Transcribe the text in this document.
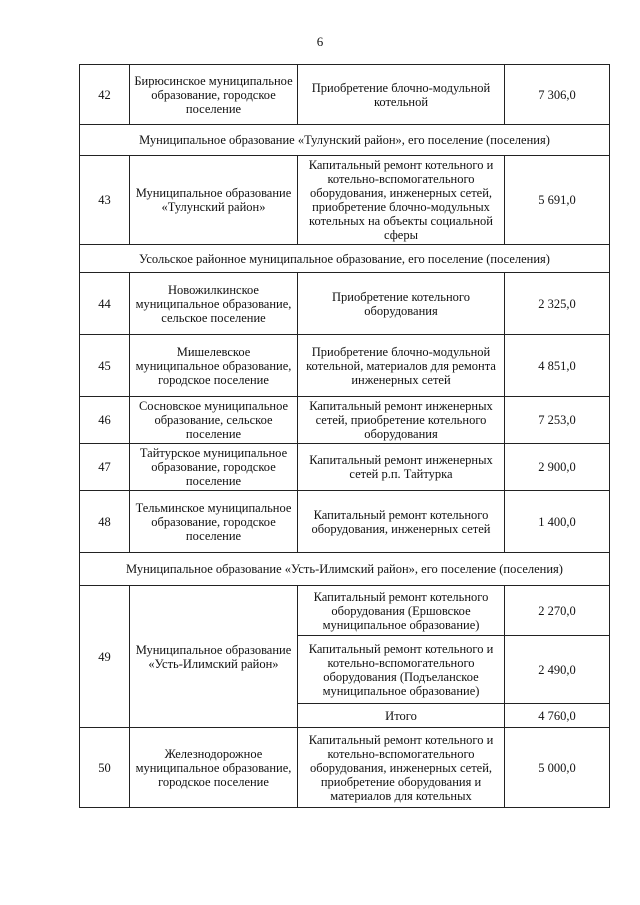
6
42	Бирюсинское муниципальное образование, городское поселение	Приобретение блочно-модульной котельной	7 306,0
Муниципальное образование «Тулунский район», его поселение (поселения)			
43	Муниципальное образование «Тулунский район»	Капитальный ремонт котельного и котельно-вспомогательного оборудования, инженерных сетей, приобретение блочно-модульных котельных на объекты социальной сферы	5 691,0
Усольское районное муниципальное образование, его поселение (поселения)			
44	Новожилкинское муниципальное образование, сельское поселение	Приобретение котельного оборудования	2 325,0
45	Мишелевское муниципальное образование, городское поселение	Приобретение блочно-модульной котельной, материалов для ремонта инженерных сетей	4 851,0
46	Сосновское муниципальное образование, сельское поселение	Капитальный ремонт инженерных сетей, приобретение котельного оборудования	7 253,0
47	Тайтурское муниципальное образование, городское поселение	Капитальный ремонт инженерных сетей р.п. Тайтурка	2 900,0
48	Тельминское муниципальное образование, городское поселение	Капитальный ремонт котельного оборудования, инженерных сетей	1 400,0
Муниципальное образование «Усть-Илимский район», его поселение (поселения)			
49	Муниципальное образование «Усть-Илимский район»	Капитальный ремонт котельного оборудования (Ершовское муниципальное образование)	2 270,0
		Капитальный ремонт котельного и котельно-вспомогательного оборудования (Подъеланское муниципальное образование)	2 490,0
		Итого	4 760,0
50	Железнодорожное муниципальное образование, городское поселение	Капитальный ремонт котельного и котельно-вспомогательного оборудования, инженерных сетей, приобретение оборудования и материалов для котельных	5 000,0
